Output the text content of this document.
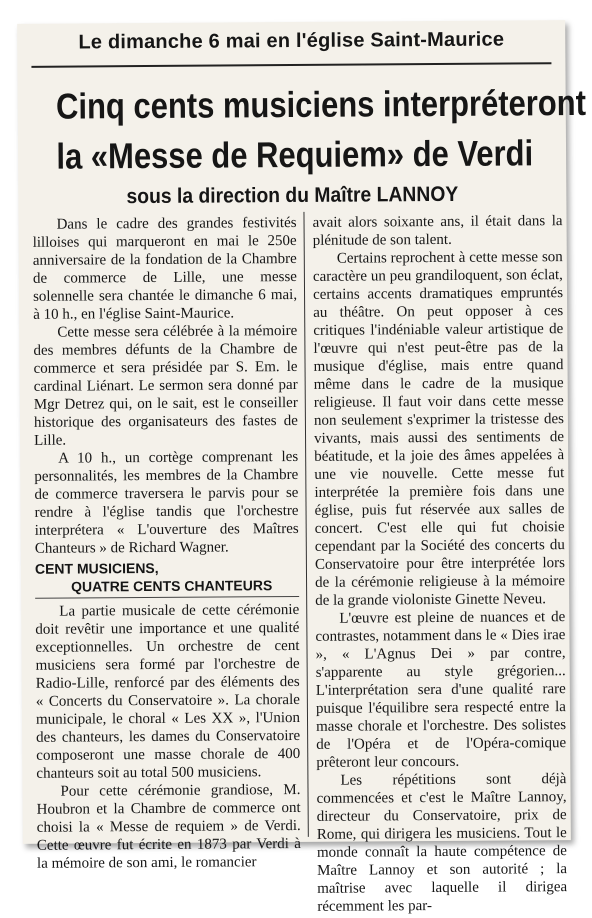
Le dimanche 6 mai en l'église Saint-Maurice
Cinq cents musiciens interpréteront
la «Messe de Requiem» de Verdi
sous la direction du Maître LANNOY

Dans le cadre des grandes festivités lilloises qui marqueront en mai le 250e anniversaire de la fondation de la Chambre de commerce de Lille, une messe solennelle sera chantée le dimanche 6 mai, à 10 h., en l'église Saint-Maurice.

Cette messe sera célébrée à la mémoire des membres défunts de la Chambre de commerce et sera présidée par S. Em. le cardinal Liénart. Le sermon sera donné par Mgr Detrez qui, on le sait, est le conseiller historique des organisateurs des fastes de Lille.

A 10 h., un cortège comprenant les personnalités, les membres de la Chambre de commerce traversera le parvis pour se rendre à l'église tandis que l'orchestre interprétera « L'ouverture des Maîtres Chanteurs » de Richard Wagner.

CENT MUSICIENS,
QUATRE CENTS CHANTEURS

La partie musicale de cette cérémonie doit revêtir une importance et une qualité exceptionnelles. Un orchestre de cent musiciens sera formé par l'orchestre de Radio-Lille, renforcé par des éléments des « Concerts du Conservatoire ». La chorale municipale, le choral « Les XX », l'Union des chanteurs, les dames du Conservatoire composeront une masse chorale de 400 chanteurs soit au total 500 musiciens.

Pour cette cérémonie grandiose, M. Houbron et la Chambre de commerce ont choisi la « Messe de requiem » de Verdi. Cette œuvre fut écrite en 1873 par Verdi à la mémoire de son ami, le romancier

avait alors soixante ans, il était dans la plénitude de son talent.

Certains reprochent à cette messe son caractère un peu grandiloquent, son éclat, certains accents dramatiques empruntés au théâtre. On peut opposer à ces critiques l'indéniable valeur artistique de l'œuvre qui n'est peut-être pas de la musique d'église, mais entre quand même dans le cadre de la musique religieuse. Il faut voir dans cette messe non seulement s'exprimer la tristesse des vivants, mais aussi des sentiments de béatitude, et la joie des âmes appelées à une vie nouvelle. Cette messe fut interprétée la première fois dans une église, puis fut réservée aux salles de concert. C'est elle qui fut choisie cependant par la Société des concerts du Conservatoire pour être interprétée lors de la cérémonie religieuse à la mémoire de la grande violoniste Ginette Neveu.

L'œuvre est pleine de nuances et de contrastes, notamment dans le « Dies irae », « L'Agnus Dei » par contre, s'apparente au style grégorien... L'interprétation sera d'une qualité rare puisque l'équilibre sera respecté entre la masse chorale et l'orchestre. Des solistes de l'Opéra et de l'Opéra-comique prêteront leur concours.

Les répétitions sont déjà commencées et c'est le Maître Lannoy, directeur du Conservatoire, prix de Rome, qui dirigera les musiciens. Tout le monde connaît la haute compétence de Maître Lannoy et son autorité ; la maîtrise avec laquelle il dirigea récemment les par-
